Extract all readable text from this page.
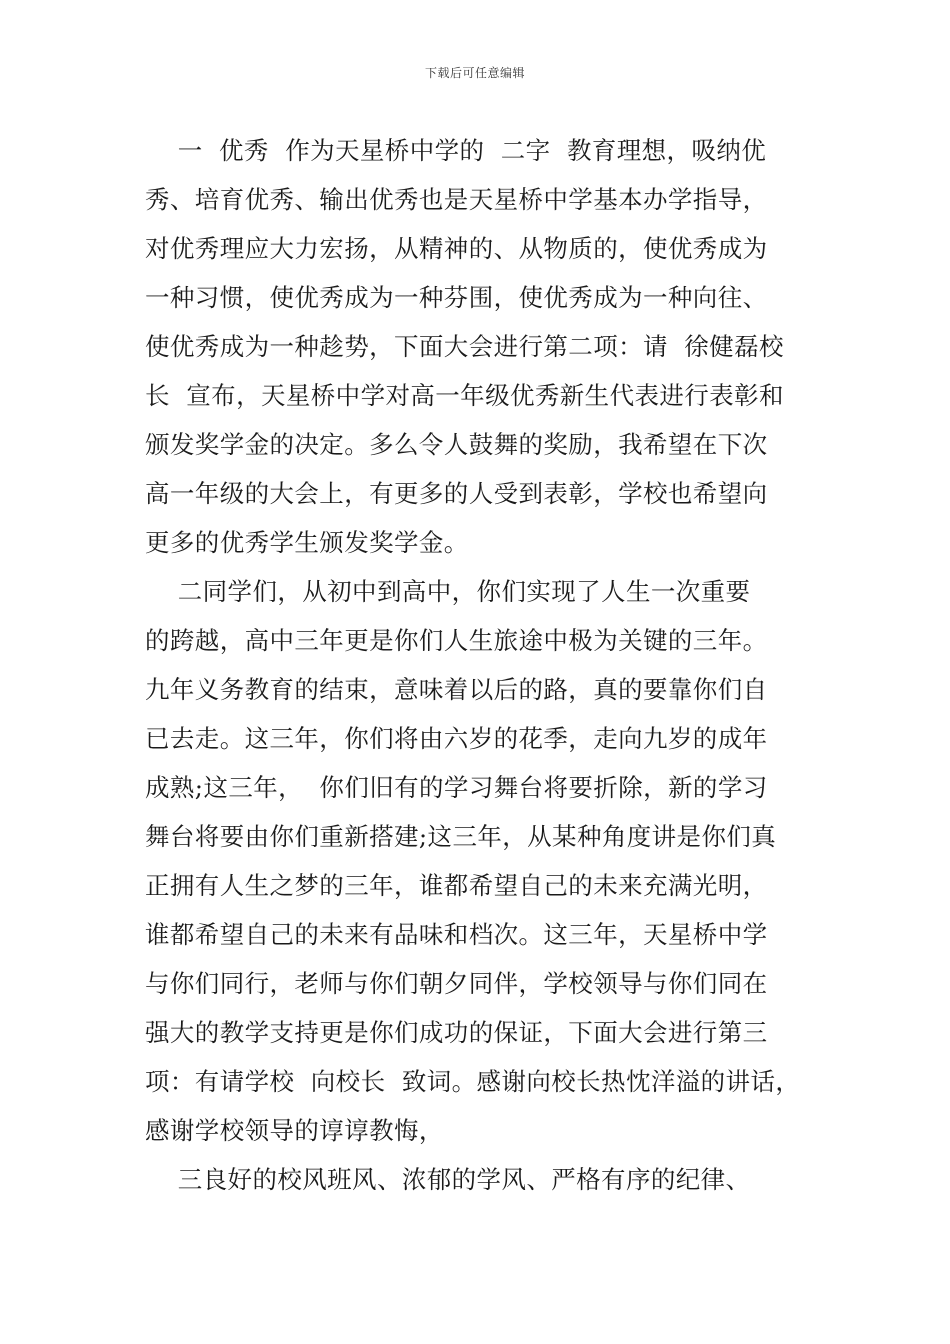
下载后可任意编辑
一  优秀  作为天星桥中学的  二字  教育理想，吸纳优
秀、培育优秀、输出优秀也是天星桥中学基本办学指导，
对优秀理应大力宏扬，从精神的、从物质的，使优秀成为
一种习惯，使优秀成为一种芬围，使优秀成为一种向往、
使优秀成为一种趁势，下面大会进行第二项：请  徐健磊校
长  宣布，天星桥中学对高一年级优秀新生代表进行表彰和
颁发奖学金的决定。多么令人鼓舞的奖励，我希望在下次
高一年级的大会上，有更多的人受到表彰，学校也希望向
更多的优秀学生颁发奖学金。
二同学们，从初中到高中，你们实现了人生一次重要
的跨越，高中三年更是你们人生旅途中极为关键的三年。
九年义务教育的结束，意味着以后的路，真的要靠你们自
已去走。这三年，你们将由六岁的花季，走向九岁的成年
成熟;这三年，  你们旧有的学习舞台将要折除，新的学习
舞台将要由你们重新搭建;这三年，从某种角度讲是你们真
正拥有人生之梦的三年，谁都希望自己的未来充满光明，
谁都希望自己的未来有品味和档次。这三年，天星桥中学
与你们同行，老师与你们朝夕同伴，学校领导与你们同在
强大的教学支持更是你们成功的保证，下面大会进行第三
项：有请学校  向校长  致词。感谢向校长热忱洋溢的讲话，
感谢学校领导的谆谆教悔，
三良好的校风班风、浓郁的学风、严格有序的纪律、
